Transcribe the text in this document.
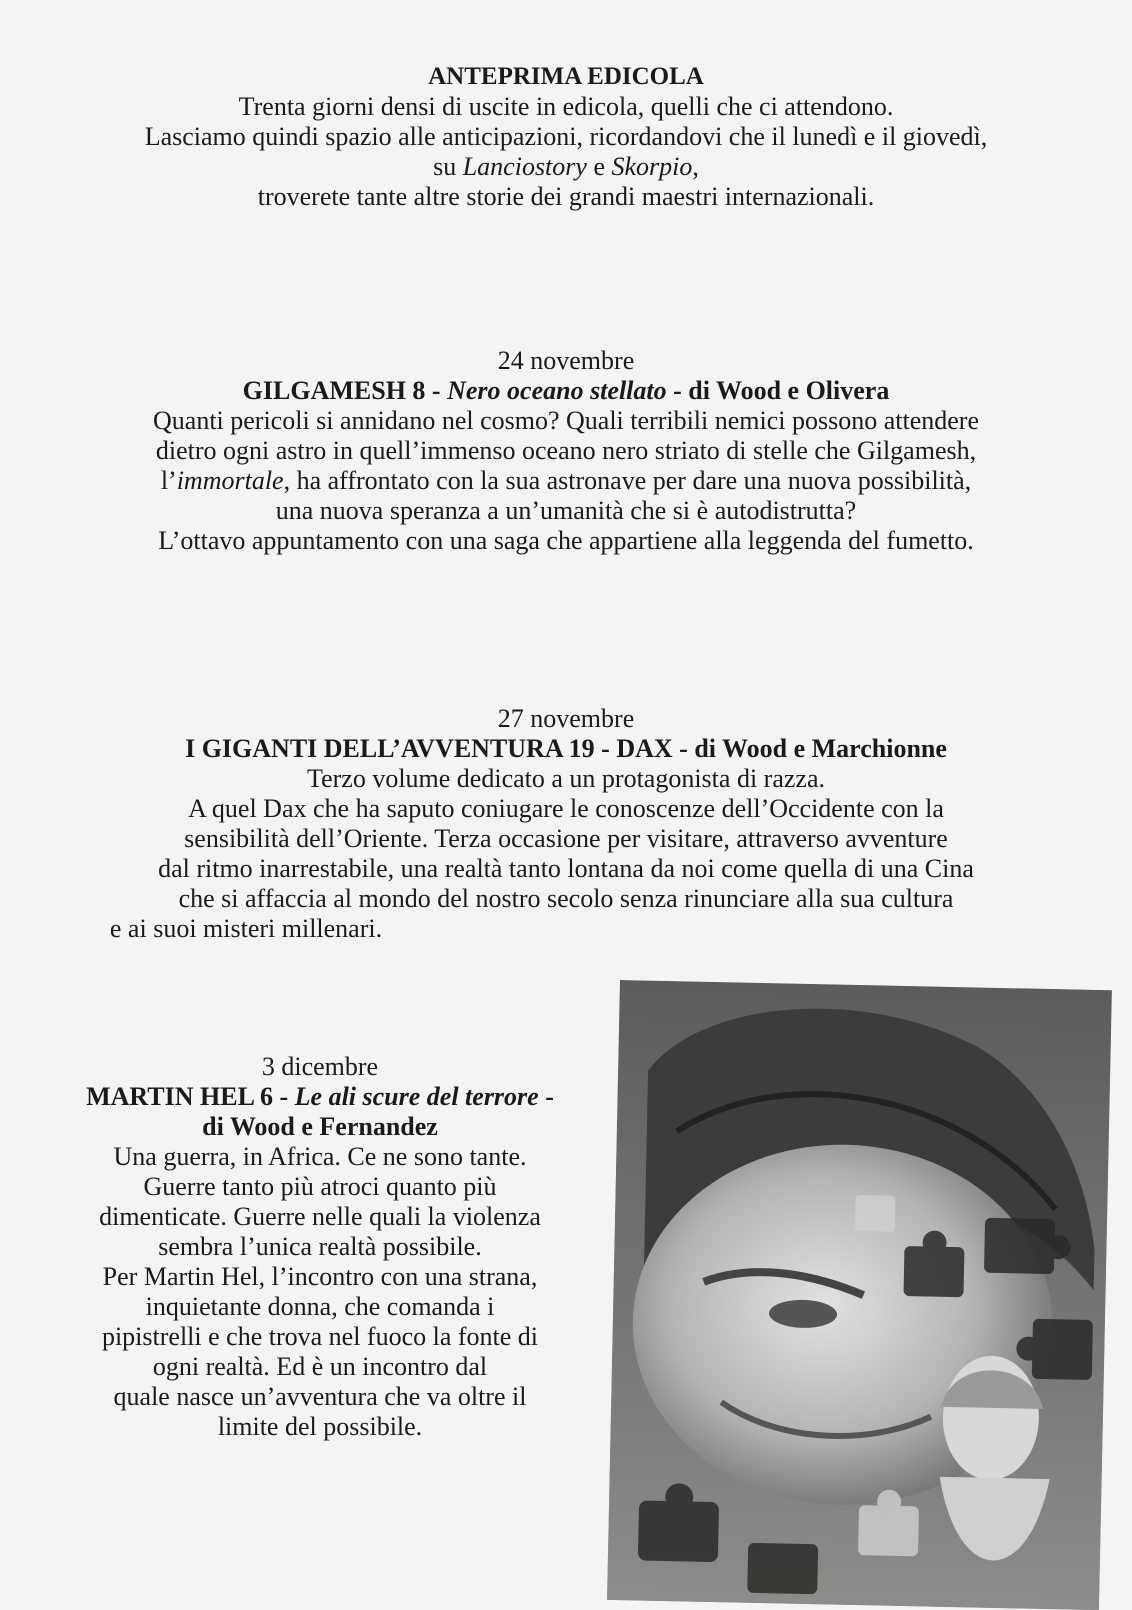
ANTEPRIMA EDICOLA
Trenta giorni densi di uscite in edicola, quelli che ci attendono.
Lasciamo quindi spazio alle anticipazioni, ricordandovi che il lunedì e il giovedì,
su Lanciostory e Skorpio,
troverete tante altre storie dei grandi maestri internazionali.
24 novembre
GILGAMESH 8 - Nero oceano stellato - di Wood e Olivera
Quanti pericoli si annidano nel cosmo? Quali terribili nemici possono attendere
dietro ogni astro in quell’immenso oceano nero striato di stelle che Gilgamesh,
l’immortale, ha affrontato con la sua astronave per dare una nuova possibilità,
una nuova speranza a un’umanità che si è autodistrutta?
L’ottavo appuntamento con una saga che appartiene alla leggenda del fumetto.
27 novembre
I GIGANTI DELL’AVVENTURA 19 - DAX - di Wood e Marchionne
Terzo volume dedicato a un protagonista di razza.
A quel Dax che ha saputo coniugare le conoscenze dell’Occidente con la
sensibilità dell’Oriente. Terza occasione per visitare, attraverso avventure
dal ritmo inarrestabile, una realtà tanto lontana da noi come quella di una Cina
che si affaccia al mondo del nostro secolo senza rinunciare alla sua cultura
e ai suoi misteri millenari.
3 dicembre
MARTIN HEL 6 - Le ali scure del terrore -
di Wood e Fernandez
Una guerra, in Africa. Ce ne sono tante.
Guerre tanto più atroci quanto più
dimenticate. Guerre nelle quali la violenza
sembra l’unica realtà possibile.
Per Martin Hel, l’incontro con una strana,
inquietante donna, che comanda i
pipistrelli e che trova nel fuoco la fonte di
ogni realtà. Ed è un incontro dal
quale nasce un’avventura che va oltre il
limite del possibile.
